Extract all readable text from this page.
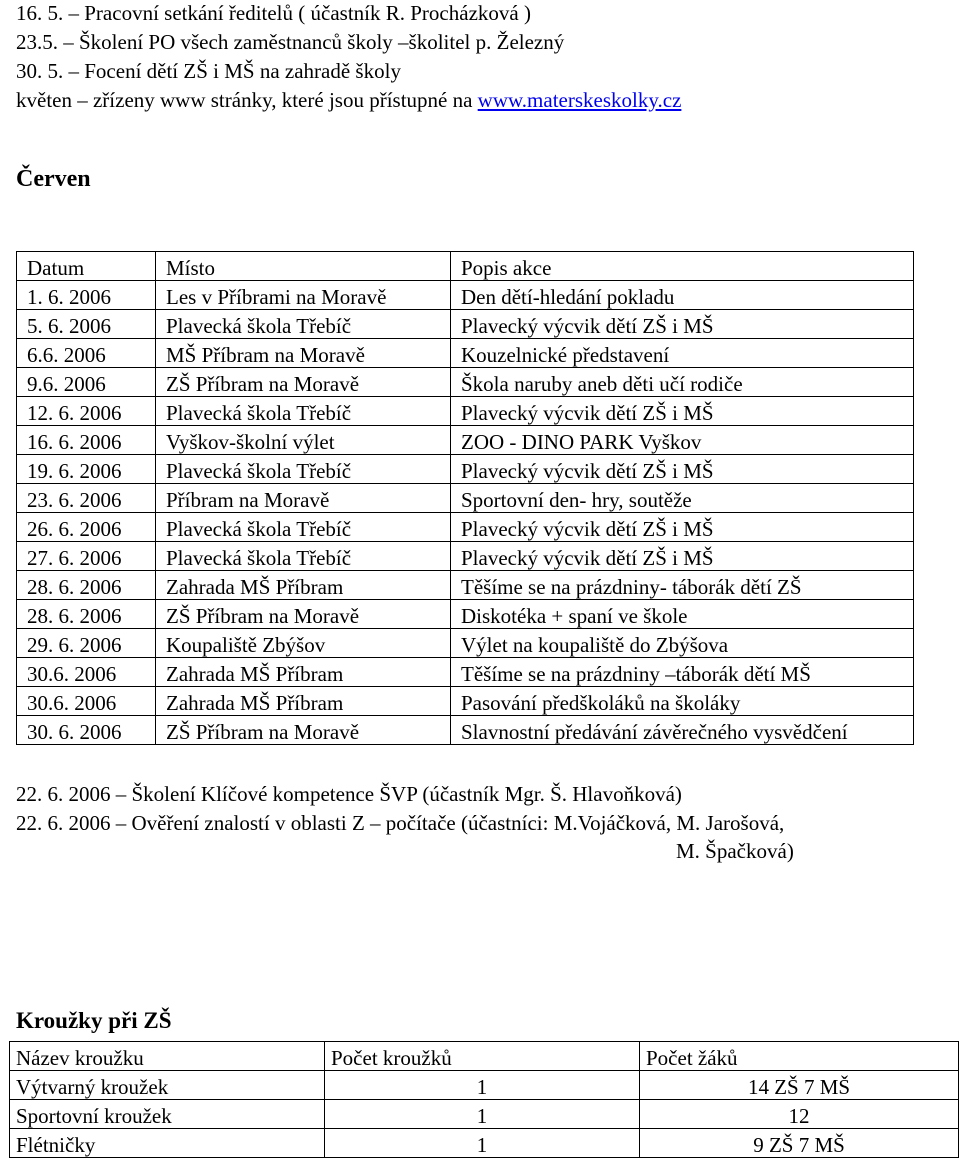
16. 5. – Pracovní setkání ředitelů ( účastník R. Procházková )
23.5. – Školení PO všech zaměstnanců školy –školitel p. Železný
30. 5. – Focení dětí ZŠ i MŠ na zahradě školy
květen – zřízeny www stránky, které jsou přístupné na www.materskeskolky.cz
Červen
Datum	Místo	Popis akce
1. 6. 2006	Les v Příbrami na Moravě	Den dětí-hledání pokladu
5. 6. 2006	Plavecká škola Třebíč	Plavecký výcvik dětí ZŠ i MŠ
6.6. 2006	MŠ Příbram na Moravě	Kouzelnické představení
9.6. 2006	ZŠ Příbram na Moravě	Škola naruby aneb děti učí rodiče
12. 6. 2006	Plavecká škola Třebíč	Plavecký výcvik dětí ZŠ i MŠ
16. 6. 2006	Vyškov-školní výlet	ZOO - DINO PARK Vyškov
19. 6. 2006	Plavecká škola Třebíč	Plavecký výcvik dětí ZŠ i MŠ
23. 6. 2006	Příbram na Moravě	Sportovní den- hry, soutěže
26. 6. 2006	Plavecká škola Třebíč	Plavecký výcvik dětí ZŠ i MŠ
27. 6. 2006	Plavecká škola Třebíč	Plavecký výcvik dětí ZŠ i MŠ
28. 6. 2006	Zahrada MŠ Příbram	Těšíme se na prázdniny- táborák dětí ZŠ
28. 6. 2006	ZŠ Příbram na Moravě	Diskotéka + spaní ve škole
29. 6. 2006	Koupaliště Zbýšov	Výlet na koupaliště do Zbýšova
30.6. 2006	Zahrada MŠ Příbram	Těšíme se na prázdniny –táborák dětí MŠ
30.6. 2006	Zahrada MŠ Příbram	Pasování předškoláků na školáky
30. 6. 2006	ZŠ Příbram na Moravě	Slavnostní předávání závěrečného vysvědčení
22. 6. 2006 – Školení Klíčové kompetence ŠVP (účastník Mgr. Š. Hlavoňková)
22. 6. 2006 – Ověření znalostí v oblasti Z – počítače (účastníci: M.Vojáčková, M. Jarošová,
M. Špačková)
Kroužky při ZŠ
Název kroužku	Počet kroužků	Počet žáků
Výtvarný kroužek	1	14 ZŠ 7 MŠ
Sportovní kroužek	1	12
Flétničky	1	9 ZŠ 7 MŠ
